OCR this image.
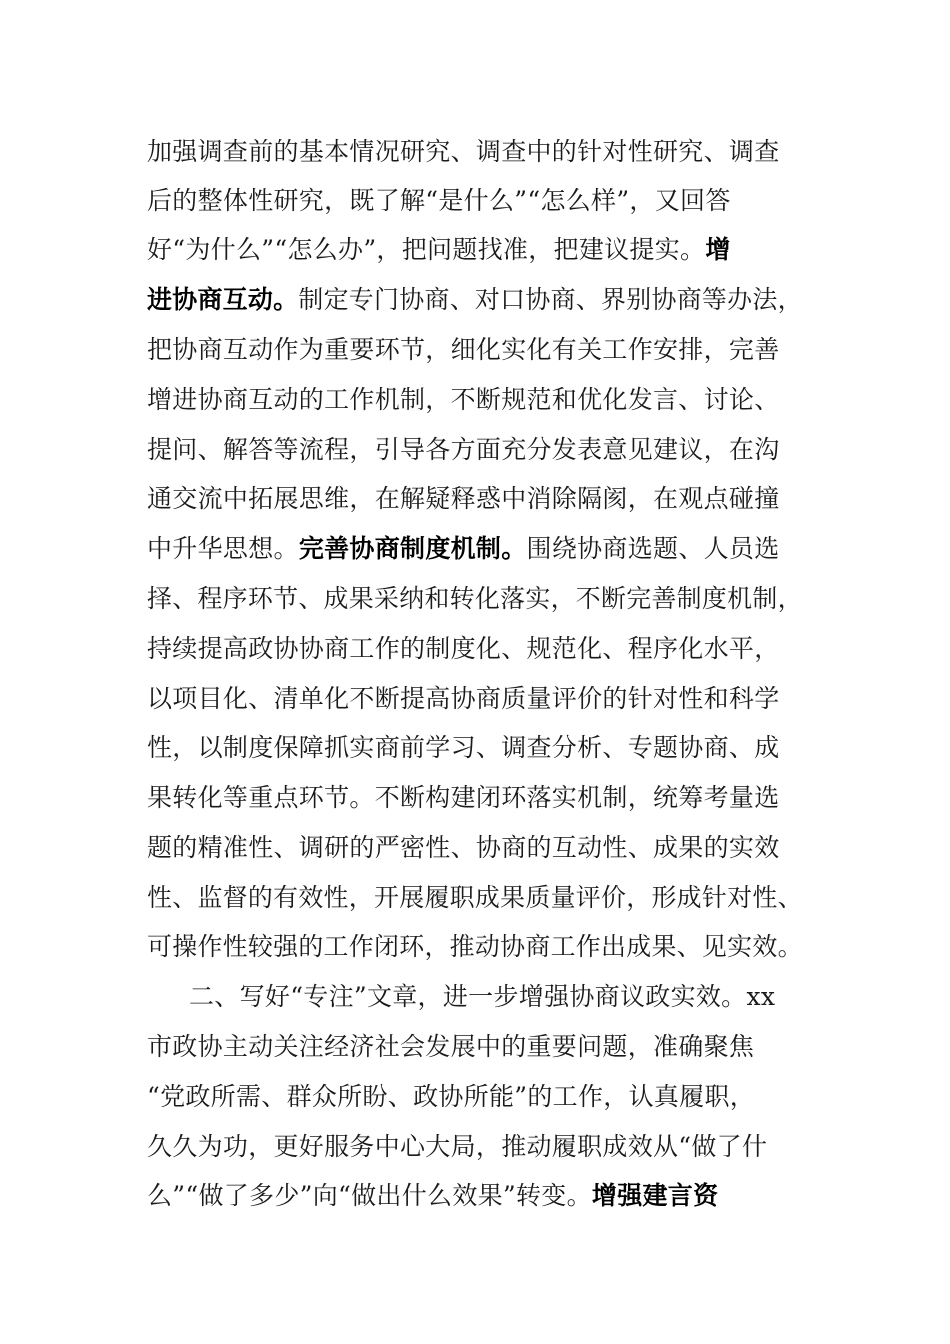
加强调查前的基本情况研究、调查中的针对性研究、调查
后的整体性研究，既了解“是什么”“怎么样”，又回答
好“为什么”“怎么办”，把问题找准，把建议提实。增
进协商互动。制定专门协商、对口协商、界别协商等办法，
把协商互动作为重要环节，细化实化有关工作安排，完善
增进协商互动的工作机制，不断规范和优化发言、讨论、
提问、解答等流程，引导各方面充分发表意见建议，在沟
通交流中拓展思维，在解疑释惑中消除隔阂，在观点碰撞
中升华思想。完善协商制度机制。围绕协商选题、人员选
择、程序环节、成果采纳和转化落实，不断完善制度机制，
持续提高政协协商工作的制度化、规范化、程序化水平，
以项目化、清单化不断提高协商质量评价的针对性和科学
性，以制度保障抓实商前学习、调查分析、专题协商、成
果转化等重点环节。不断构建闭环落实机制，统筹考量选
题的精准性、调研的严密性、协商的互动性、成果的实效
性、监督的有效性，开展履职成果质量评价，形成针对性、
可操作性较强的工作闭环，推动协商工作出成果、见实效。
二、写好“专注”文章，进一步增强协商议政实效。xx
市政协主动关注经济社会发展中的重要问题，准确聚焦
“党政所需、群众所盼、政协所能”的工作，认真履职，
久久为功，更好服务中心大局，推动履职成效从“做了什
么”“做了多少”向“做出什么效果”转变。增强建言资
